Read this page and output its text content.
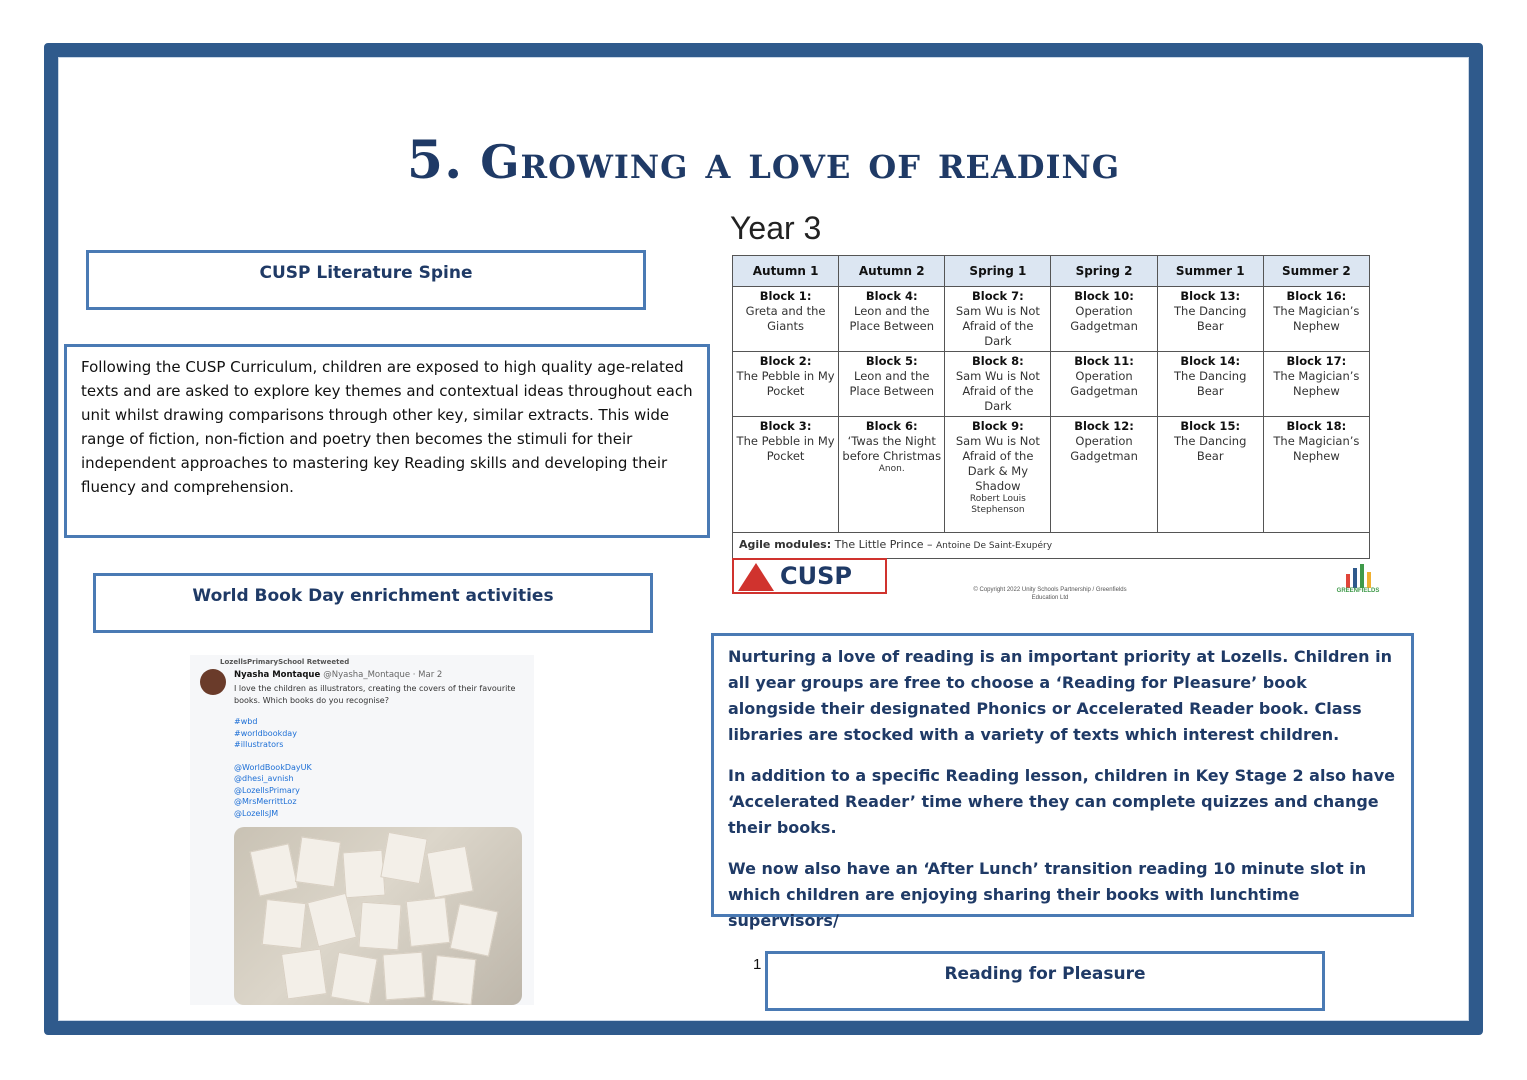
5. Growing a love of reading
CUSP Literature Spine
Following the CUSP Curriculum, children are exposed to high quality age-related texts and are asked to explore key themes and contextual ideas throughout each unit whilst drawing comparisons through other key, similar extracts. This wide range of fiction, non-fiction and poetry then becomes the stimuli for their independent approaches to mastering key Reading skills and developing their fluency and comprehension.
World Book Day enrichment activities
LozellsPrimarySchool Retweeted
Nyasha Montaque @Nyasha_Montaque · Mar 2
I love the children as illustrators, creating the covers of their favourite books. Which books do you recognise?
#wbd
#worldbookday
#illustrators
@WorldBookDayUK
@dhesi_avnish
@LozellsPrimary
@MrsMerrittLoz
@LozellsJM
Year 3
Autumn 1	Autumn 2	Spring 1	Spring 2	Summer 1	Summer 2

Block 1:
Greta and the Giants	Block 4:
Leon and the Place Between	Block 7:
Sam Wu is Not Afraid of the Dark	Block 10:
Operation Gadgetman	Block 13:
The Dancing Bear	Block 16:
The Magician’s Nephew

Block 2:
The Pebble in My Pocket	Block 5:
Leon and the Place Between	Block 8:
Sam Wu is Not Afraid of the Dark	Block 11:
Operation Gadgetman	Block 14:
The Dancing Bear	Block 17:
The Magician’s Nephew

Block 3:
The Pebble in My Pocket	Block 6:
‘Twas the Night before Christmas
Anon.	Block 9:
Sam Wu is Not Afraid of the Dark & My Shadow
Robert Louis Stephenson	Block 12:
Operation Gadgetman	Block 15:
The Dancing Bear	Block 18:
The Magician’s Nephew
Agile modules: The Little Prince – Antoine De Saint-Exupéry					
CUSP	© Copyright 2022 Unity Schools Partnership / Greenfields Education Ltd
GREENFIELDS

Nurturing a love of reading is an important priority at Lozells. Children in all year groups are free to choose a ‘Reading for Pleasure’ book alongside their designated Phonics or Accelerated Reader book. Class libraries are stocked with a variety of texts which interest children.

In addition to a specific Reading lesson, children in Key Stage 2 also have ‘Accelerated Reader’ time where they can complete quizzes and change their books.

We now also have an ‘After Lunch’ transition reading 10 minute slot in which children are enjoying sharing their books with lunchtime supervisors/

1	Reading for Pleasure
